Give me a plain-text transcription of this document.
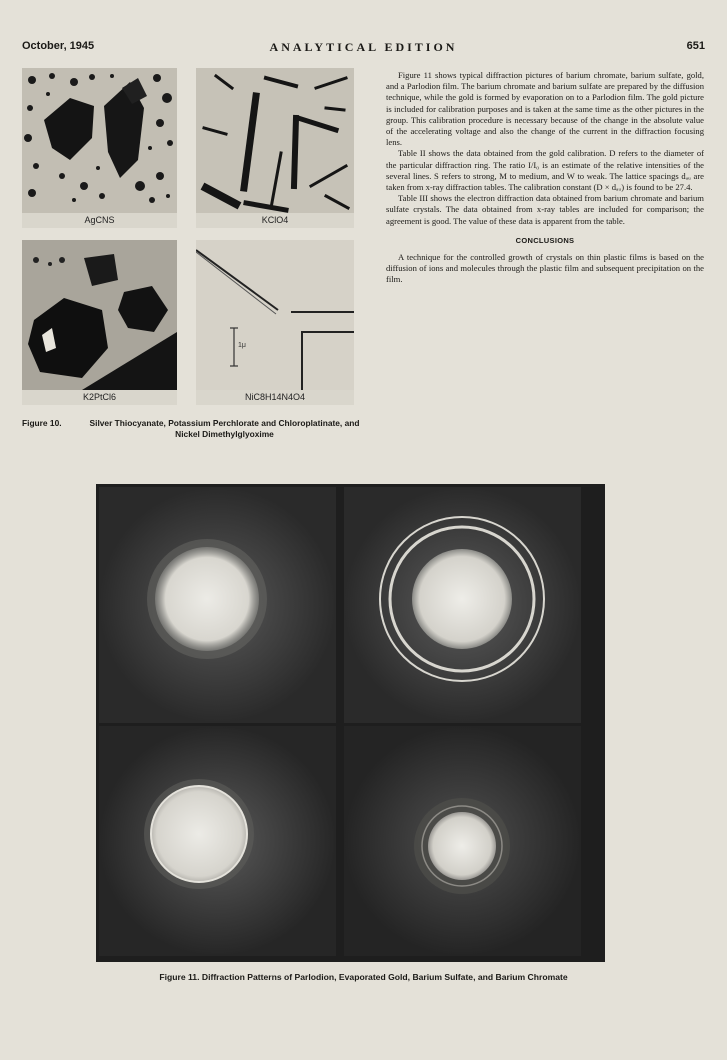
October, 1945	ANALYTICAL EDITION	651
AgCNS	KClO4
K2PtCl6
1μ
NiC8H14N4O4
Figure 10.	Silver Thiocyanate, Potassium Perchlorate and Chloroplatinate, and Nickel Dimethylglyoxime

Figure 11 shows typical diffraction pictures of barium chromate, barium sulfate, gold, and a Parlodion film. The barium chromate and barium sulfate are prepared by the diffusion technique, while the gold is formed by evaporation on to a Parlodion film. The gold picture is included for calibration purposes and is taken at the same time as the other pictures in the group. This calibration procedure is necessary because of the change in the absolute value of the accelerating voltage and also the change of the current in the diffraction focusing lens.

Table II shows the data obtained from the gold calibration. D refers to the diameter of the particular diffraction ring. The ratio I/I₀ is an estimate of the relative intensities of the several lines. S refers to strong, M to medium, and W to weak. The lattice spacings dₐᵤ are taken from x-ray diffraction tables. The calibration constant (D × dₐᵤ) is found to be 27.4.

Table III shows the electron diffraction data obtained from barium chromate and barium sulfate crystals. The data obtained from x-ray tables are included for comparison; the agreement is good. The value of these data is apparent from the table.

CONCLUSIONS

A technique for the controlled growth of crystals on thin plastic films is based on the diffusion of ions and molecules through the plastic film and subsequent precipitation on the film.

Figure 11. Diffraction Patterns of Parlodion, Evaporated Gold, Barium Sulfate, and Barium Chromate
